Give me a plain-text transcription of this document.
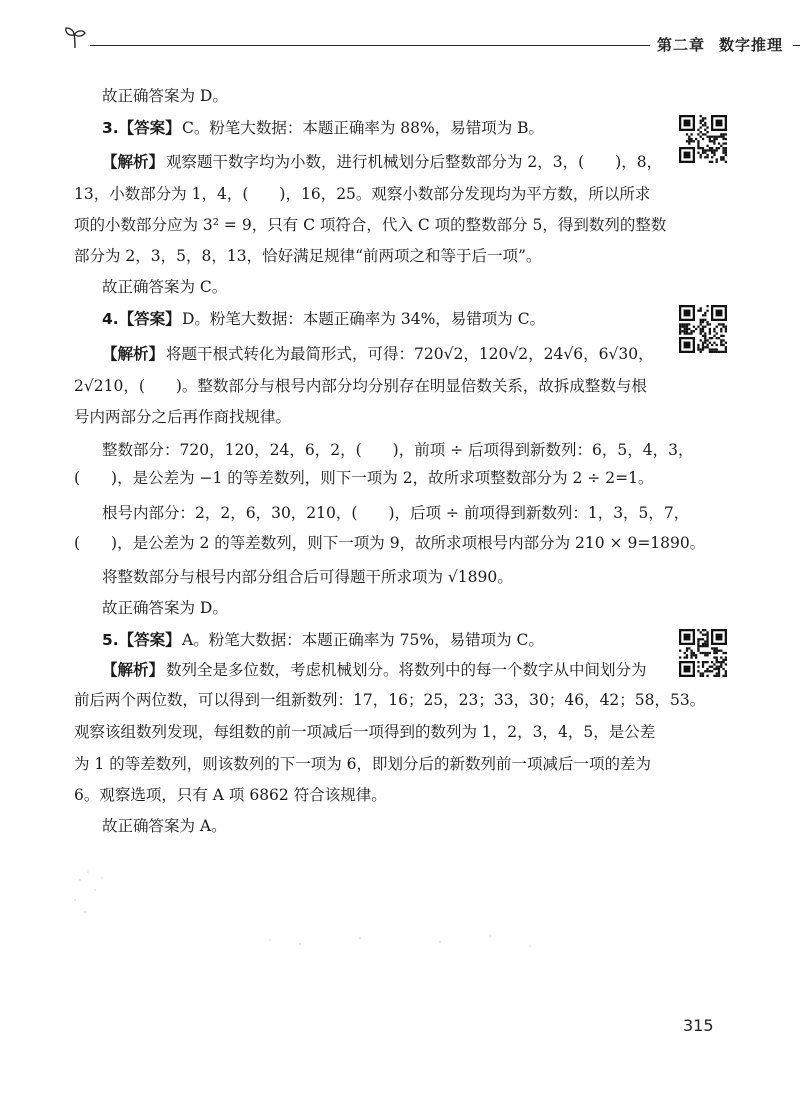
第二章 数字推理
故正确答案为 D。
3.【答案】 C。粉笔大数据：本题正确率为 88%，易错项为 B。
【解析】 观察题干数字均为小数，进行机械划分后整数部分为 2，3，(　　)，8，
13，小数部分为 1，4，(　　)，16，25。观察小数部分发现均为平方数，所以所求
项的小数部分应为 3² = 9，只有 C 项符合，代入 C 项的整数部分 5，得到数列的整数
部分为 2，3，5，8，13，恰好满足规律“前两项之和等于后一项”。
故正确答案为 C。
4.【答案】 D。粉笔大数据：本题正确率为 34%，易错项为 C。
【解析】 将题干根式转化为最简形式，可得：720√2，120√2，24√6，6√30，
2√210，(　　)。整数部分与根号内部分均分别存在明显倍数关系，故拆成整数与根
号内两部分之后再作商找规律。
整数部分：720，120，24，6，2，(　　)，前项 ÷ 后项得到新数列：6，5，4，3，
(　　)，是公差为 −1 的等差数列，则下一项为 2，故所求项整数部分为 2 ÷ 2=1。
根号内部分：2，2，6，30，210，(　　)，后项 ÷ 前项得到新数列：1，3，5，7，
(　　)，是公差为 2 的等差数列，则下一项为 9，故所求项根号内部分为 210 × 9=1890。
将整数部分与根号内部分组合后可得题干所求项为 √1890。
故正确答案为 D。
5.【答案】 A。粉笔大数据：本题正确率为 75%，易错项为 C。
【解析】 数列全是多位数，考虑机械划分。将数列中的每一个数字从中间划分为
前后两个两位数，可以得到一组新数列：17，16；25，23；33，30；46，42；58，53。
观察该组数列发现，每组数的前一项减后一项得到的数列为 1，2，3，4，5，是公差
为 1 的等差数列，则该数列的下一项为 6，即划分后的新数列前一项减后一项的差为
6。观察选项，只有 A 项 6862 符合该规律。
故正确答案为 A。
315
